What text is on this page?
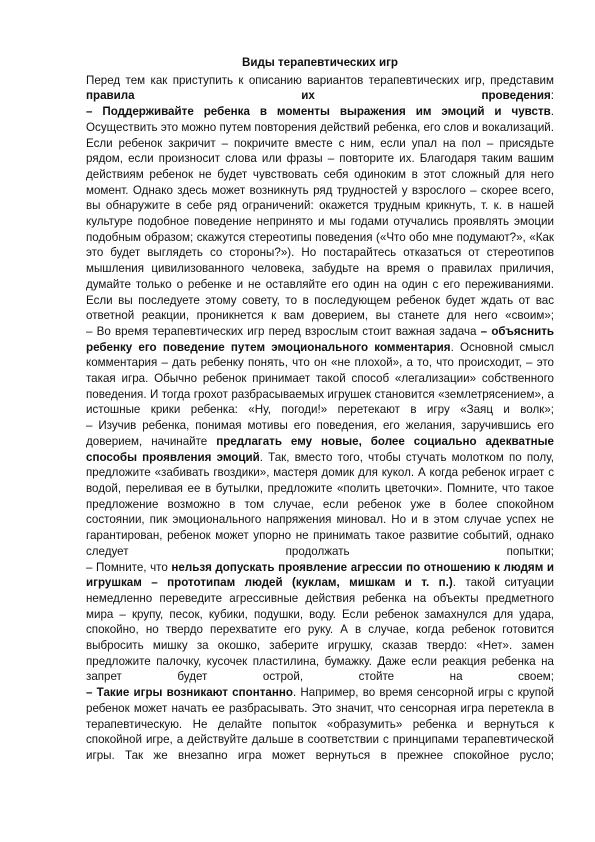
Виды терапевтических игр

Перед тем как приступить к описанию вариантов терапевтических игр, представим правила их проведения:

– Поддерживайте ребенка в моменты выражения им эмоций и чувств. Осуществить это можно путем повторения действий ребенка, его слов и вокализаций. Если ребенок закричит – покричите вместе с ним, если упал на пол – присядьте рядом, если произносит слова или фразы – повторите их. Благодаря таким вашим действиям ребенок не будет чувствовать себя одиноким в этот сложный для него момент. Однако здесь может возникнуть ряд трудностей у взрослого – скорее всего, вы обнаружите в себе ряд ограничений: окажется трудным крикнуть, т. к. в нашей культуре подобное поведение непринято и мы годами отучались проявлять эмоции подобным образом; скажутся стереотипы поведения («Что обо мне подумают?», «Как это будет выглядеть со стороны?»). Но постарайтесь отказаться от стереотипов мышления цивилизованного человека, забудьте на время о правилах приличия, думайте только о ребенке и не оставляйте его один на один с его переживаниями. Если вы последуете этому совету, то в последующем ребенок будет ждать от вас ответной реакции, проникнется к вам доверием, вы станете для него «своим»;

– Во время терапевтических игр перед взрослым стоит важная задача – объяснить ребенку его поведение путем эмоционального комментария. Основной смысл комментария – дать ребенку понять, что он «не плохой», а то, что происходит, – это такая игра. Обычно ребенок принимает такой способ «легализации» собственного поведения. И тогда грохот разбрасываемых игрушек становится «землетрясением», а истошные крики ребенка: «Ну, погоди!» перетекают в игру «Заяц и волк»;

– Изучив ребенка, понимая мотивы его поведения, его желания, заручившись его доверием, начинайте предлагать ему новые, более социально адекватные способы проявления эмоций. Так, вместо того, чтобы стучать молотком по полу, предложите «забивать гвоздики», мастеря домик для кукол. А когда ребенок играет с водой, переливая ее в бутылки, предложите «полить цветочки». Помните, что такое предложение возможно в том случае, если ребенок уже в более спокойном состоянии, пик эмоционального напряжения миновал. Но и в этом случае успех не гарантирован, ребенок может упорно не принимать такое развитие событий, однако следует продолжать попытки;

– Помните, что нельзя допускать проявление агрессии по отношению к людям и игрушкам – прототипам людей (куклам, мишкам и т. п.). такой ситуации немедленно переведите агрессивные действия ребенка на объекты предметного мира – крупу, песок, кубики, подушки, воду. Если ребенок замахнулся для удара, спокойно, но твердо перехватите его руку. А в случае, когда ребенок готовится выбросить мишку за окошко, заберите игрушку, сказав твердо: «Нет». замен предложите палочку, кусочек пластилина, бумажку. Даже если реакция ребенка на запрет будет острой, стойте на своем;

– Такие игры возникают спонтанно. Например, во время сенсорной игры с крупой ребенок может начать ее разбрасывать. Это значит, что сенсорная игра перетекла в терапевтическую. Не делайте попыток «образумить» ребенка и вернуться к спокойной игре, а действуйте дальше в соответствии с принципами терапевтической игры. Так же внезапно игра может вернуться в прежнее спокойное русло;
